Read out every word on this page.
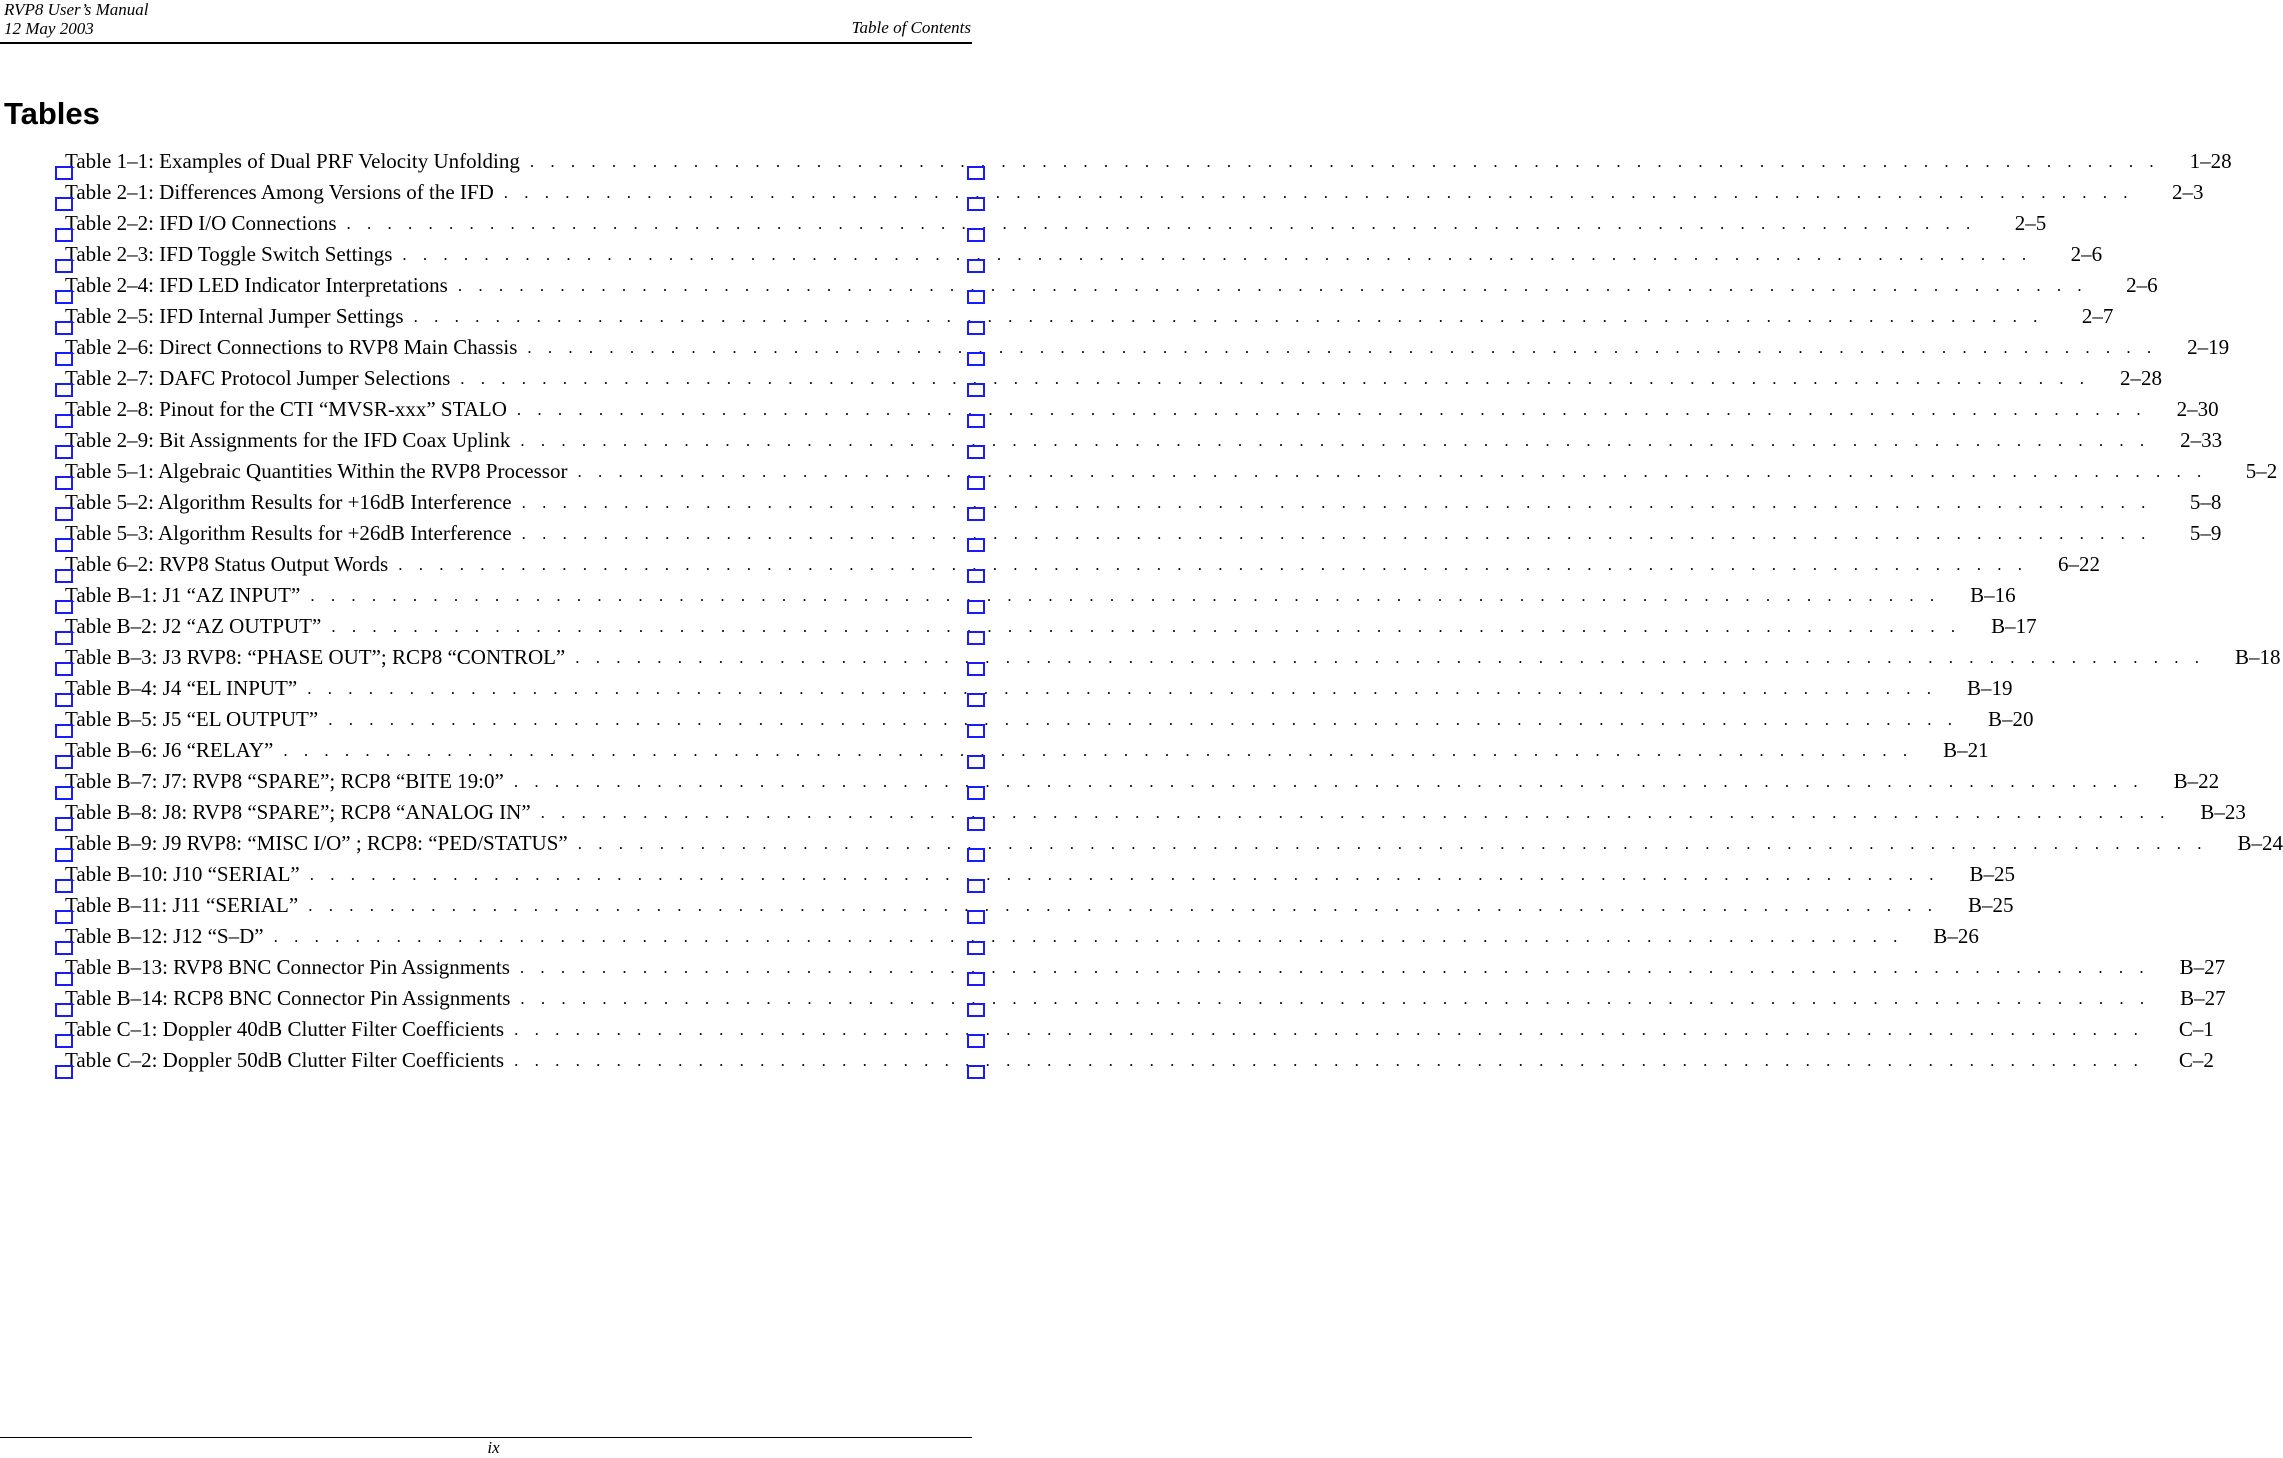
RVP8 User’s Manual
12 May 2003	Table of Contents
Tables
Table 1–1: Examples of Dual PRF Velocity Unfolding . . . . . . . . . . . . . . . . . . . . . . . . . . . . . . . . . . . . . . . . . . . . . . . . . . . . . . . . . . . . . . . . . . . . . . . . . . . . . . . . 1–28
Table 2–1: Differences Among Versions of the IFD . . . . . . . . . . . . . . . . . . . . . . . . . . . . . . . . . . . . . . . . . . . . . . . . . . . . . . . . . . . . . . . . . . . . . . . . . . . . . . . .	2–3
Table 2–2: IFD I/O Connections . . . . . . . . . . . . . . . . . . . . . . . . . . . . . . . . . . . . . . . . . . . . . . . . . . . . . . . . . . . . . . . . . . . . . . . . . . . . . . . .	2–5
Table 2–3: IFD Toggle Switch Settings . . . . . . . . . . . . . . . . . . . . . . . . . . . . . . . . . . . . . . . . . . . . . . . . . . . . . . . . . . . . . . . . . . . . . . . . . . . . . . . .	2–6
Table 2–4: IFD LED Indicator Interpretations . . . . . . . . . . . . . . . . . . . . . . . . . . . . . . . . . . . . . . . . . . . . . . . . . . . . . . . . . . . . . . . . . . . . . . . . . . . . . . . .	2–6
Table 2–5: IFD Internal Jumper Settings . . . . . . . . . . . . . . . . . . . . . . . . . . . . . . . . . . . . . . . . . . . . . . . . . . . . . . . . . . . . . . . . . . . . . . . . . . . . . . . .	2–7
Table 2–6: Direct Connections to RVP8 Main Chassis . . . . . . . . . . . . . . . . . . . . . . . . . . . . . . . . . . . . . . . . . . . . . . . . . . . . . . . . . . . . . . . . . . . . . . . . . . . . . . . . 2–19
Table 2–7: DAFC Protocol Jumper Selections . . . . . . . . . . . . . . . . . . . . . . . . . . . . . . . . . . . . . . . . . . . . . . . . . . . . . . . . . . . . . . . . . . . . . . . . . . . . . . . . 2–28
Table 2–8: Pinout for the CTI “MVSR-xxx” STALO . . . . . . . . . . . . . . . . . . . . . . . . . . . . . . . . . . . . . . . . . . . . . . . . . . . . . . . . . . . . . . . . . . . . . . . . . . . . . . . . 2–30
Table 2–9: Bit Assignments for the IFD Coax Uplink . . . . . . . . . . . . . . . . . . . . . . . . . . . . . . . . . . . . . . . . . . . . . . . . . . . . . . . . . . . . . . . . . . . . . . . . . . . . . . . . 2–33
Table 5–1: Algebraic Quantities Within the RVP8 Processor . . . . . . . . . . . . . . . . . . . . . . . . . . . . . . . . . . . . . . . . . . . . . . . . . . . . . . . . . . . . . . . . . . . . . . . . . . . . . . . .	5–2
Table 5–2: Algorithm Results for +16dB Interference . . . . . . . . . . . . . . . . . . . . . . . . . . . . . . . . . . . . . . . . . . . . . . . . . . . . . . . . . . . . . . . . . . . . . . . . . . . . . . . .	5–8
Table 5–3: Algorithm Results for +26dB Interference . . . . . . . . . . . . . . . . . . . . . . . . . . . . . . . . . . . . . . . . . . . . . . . . . . . . . . . . . . . . . . . . . . . . . . . . . . . . . . . .	5–9
Table 6–2: RVP8 Status Output Words . . . . . . . . . . . . . . . . . . . . . . . . . . . . . . . . . . . . . . . . . . . . . . . . . . . . . . . . . . . . . . . . . . . . . . . . . . . . . . . . 6–22
Table B–1: J1 “AZ INPUT” . . . . . . . . . . . . . . . . . . . . . . . . . . . . . . . . . . . . . . . . . . . . . . . . . . . . . . . . . . . . . . . . . . . . . . . . . . . . . . . . B–16
Table B–2: J2 “AZ OUTPUT” . . . . . . . . . . . . . . . . . . . . . . . . . . . . . . . . . . . . . . . . . . . . . . . . . . . . . . . . . . . . . . . . . . . . . . . . . . . . . . . . B–17
Table B–3: J3 RVP8: “PHASE OUT”; RCP8 “CONTROL” . . . . . . . . . . . . . . . . . . . . . . . . . . . . . . . . . . . . . . . . . . . . . . . . . . . . . . . . . . . . . . . . . . . . . . . . . . . . . . . . B–18
Table B–4: J4 “EL INPUT” . . . . . . . . . . . . . . . . . . . . . . . . . . . . . . . . . . . . . . . . . . . . . . . . . . . . . . . . . . . . . . . . . . . . . . . . . . . . . . . . B–19
Table B–5: J5 “EL OUTPUT” . . . . . . . . . . . . . . . . . . . . . . . . . . . . . . . . . . . . . . . . . . . . . . . . . . . . . . . . . . . . . . . . . . . . . . . . . . . . . . . . B–20
Table B–6: J6 “RELAY” . . . . . . . . . . . . . . . . . . . . . . . . . . . . . . . . . . . . . . . . . . . . . . . . . . . . . . . . . . . . . . . . . . . . . . . . . . . . . . . . B–21
Table B–7: J7: RVP8 “SPARE”; RCP8 “BITE 19:0” . . . . . . . . . . . . . . . . . . . . . . . . . . . . . . . . . . . . . . . . . . . . . . . . . . . . . . . . . . . . . . . . . . . . . . . . . . . . . . . . B–22
Table B–8: J8: RVP8 “SPARE”; RCP8 “ANALOG IN” . . . . . . . . . . . . . . . . . . . . . . . . . . . . . . . . . . . . . . . . . . . . . . . . . . . . . . . . . . . . . . . . . . . . . . . . . . . . . . . . B–23
Table B–9: J9 RVP8: “MISC I/O” ; RCP8: “PED/STATUS” . . . . . . . . . . . . . . . . . . . . . . . . . . . . . . . . . . . . . . . . . . . . . . . . . . . . . . . . . . . . . . . . . . . . . . . . . . . . . . . . B–24
Table B–10: J10 “SERIAL” . . . . . . . . . . . . . . . . . . . . . . . . . . . . . . . . . . . . . . . . . . . . . . . . . . . . . . . . . . . . . . . . . . . . . . . . . . . . . . . . B–25
Table B–11: J11 “SERIAL” . . . . . . . . . . . . . . . . . . . . . . . . . . . . . . . . . . . . . . . . . . . . . . . . . . . . . . . . . . . . . . . . . . . . . . . . . . . . . . . . B–25
Table B–12: J12 “S–D” . . . . . . . . . . . . . . . . . . . . . . . . . . . . . . . . . . . . . . . . . . . . . . . . . . . . . . . . . . . . . . . . . . . . . . . . . . . . . . . . B–26
Table B–13: RVP8 BNC Connector Pin Assignments . . . . . . . . . . . . . . . . . . . . . . . . . . . . . . . . . . . . . . . . . . . . . . . . . . . . . . . . . . . . . . . . . . . . . . . . . . . . . . . . B–27
Table B–14: RCP8 BNC Connector Pin Assignments . . . . . . . . . . . . . . . . . . . . . . . . . . . . . . . . . . . . . . . . . . . . . . . . . . . . . . . . . . . . . . . . . . . . . . . . . . . . . . . . B–27
Table C–1: Doppler 40dB Clutter Filter Coefficients . . . . . . . . . . . . . . . . . . . . . . . . . . . . . . . . . . . . . . . . . . . . . . . . . . . . . . . . . . . . . . . . . . . . . . . . . . . . . . . . C–1
Table C–2: Doppler 50dB Clutter Filter Coefficients . . . . . . . . . . . . . . . . . . . . . . . . . . . . . . . . . . . . . . . . . . . . . . . . . . . . . . . . . . . . . . . . . . . . . . . . . . . . . . . . C–2
ix
